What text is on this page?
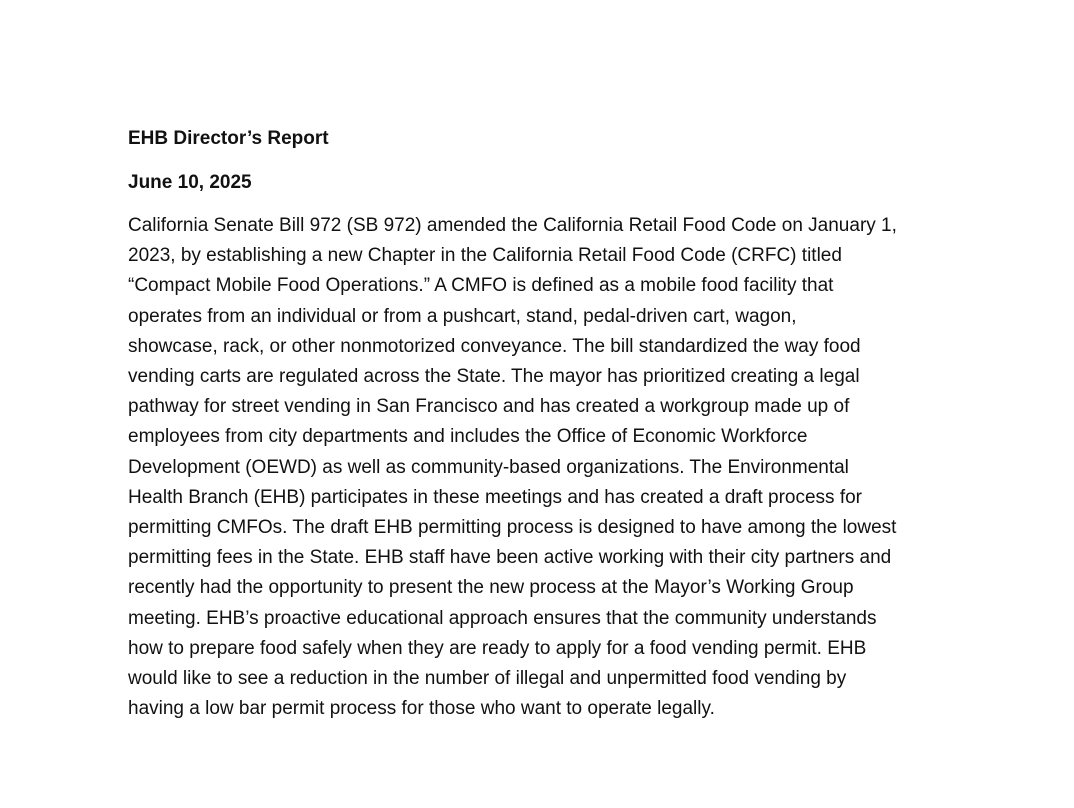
EHB Director’s Report
June 10, 2025

California Senate Bill 972 (SB 972) amended the California Retail Food Code on January 1,
2023, by establishing a new Chapter in the California Retail Food Code (CRFC) titled
“Compact Mobile Food Operations.” A CMFO is defined as a mobile food facility that
operates from an individual or from a pushcart, stand, pedal-driven cart, wagon,
showcase, rack, or other nonmotorized conveyance. The bill standardized the way food
vending carts are regulated across the State. The mayor has prioritized creating a legal
pathway for street vending in San Francisco and has created a workgroup made up of
employees from city departments and includes the Office of Economic Workforce
Development (OEWD) as well as community-based organizations. The Environmental
Health Branch (EHB) participates in these meetings and has created a draft process for
permitting CMFOs. The draft EHB permitting process is designed to have among the lowest
permitting fees in the State. EHB staff have been active working with their city partners and
recently had the opportunity to present the new process at the Mayor’s Working Group
meeting. EHB’s proactive educational approach ensures that the community understands
how to prepare food safely when they are ready to apply for a food vending permit. EHB
would like to see a reduction in the number of illegal and unpermitted food vending by
having a low bar permit process for those who want to operate legally.
